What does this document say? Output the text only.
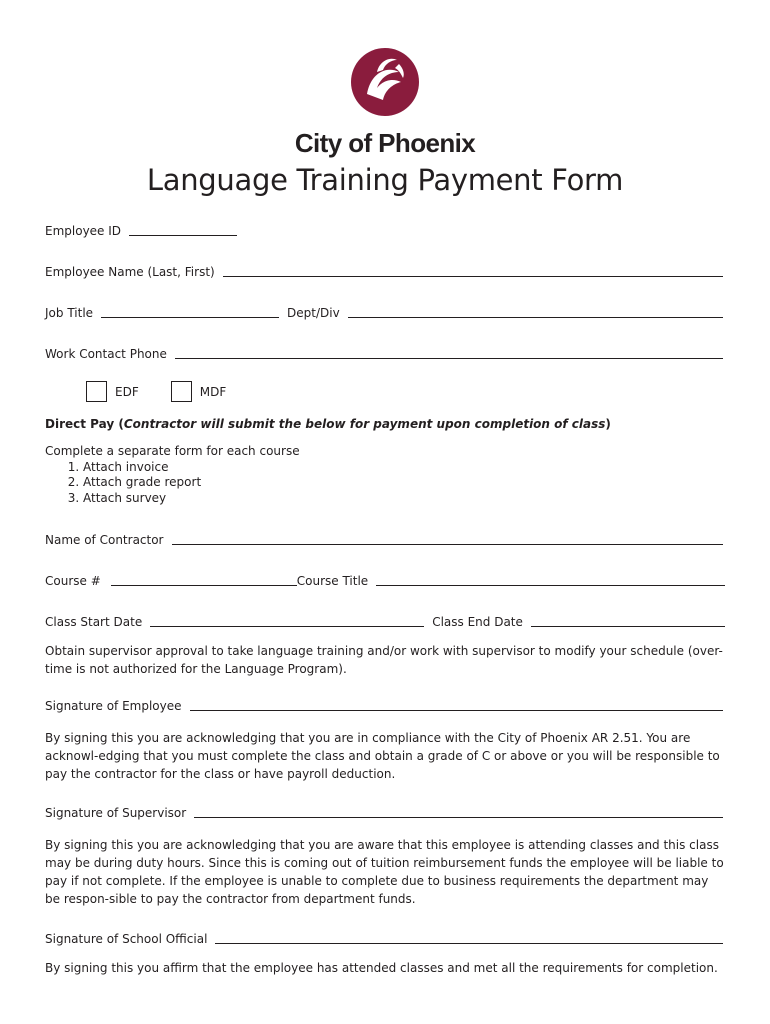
City of Phoenix
Language Training Payment Form
Employee ID
Employee Name (Last, First)
Job Title	Dept/Div
Work Contact Phone
EDF	MDF
Direct Pay (Contractor will submit the below for payment upon completion of class)
Complete a separate form for each course
1. Attach invoice
2. Attach grade report
3. Attach survey
Name of Contractor
Course #	Course Title
Class Start Date	Class End Date
Obtain supervisor approval to take language training and/or work with supervisor to modify your schedule (over-time is not authorized for the Language Program).
Signature of Employee
By signing this you are acknowledging that you are in compliance with the City of Phoenix AR 2.51. You are acknowl-edging that you must complete the class and obtain a grade of C or above or you will be responsible to pay the contractor for the class or have payroll deduction.
Signature of Supervisor
By signing this you are acknowledging that you are aware that this employee is attending classes and this class may be during duty hours. Since this is coming out of tuition reimbursement funds the employee will be liable to pay if not complete. If the employee is unable to complete due to business requirements the department may be respon-sible to pay the contractor from department funds.
Signature of School Official
By signing this you affirm that the employee has attended classes and met all the requirements for completion.
